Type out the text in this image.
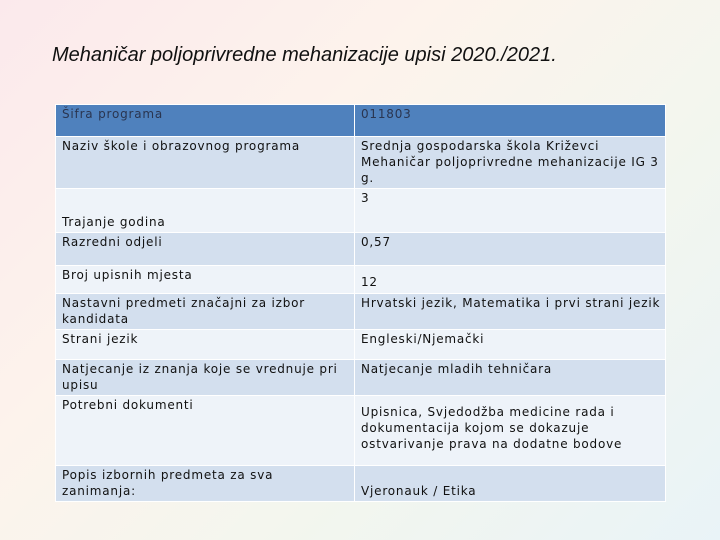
Mehaničar poljoprivredne mehanizacije upisi 2020./2021.
Šifra programa	011803

Naziv škole i obrazovnog programa	Srednja gospodarska škola Križevci
Mehaničar poljoprivredne mehanizacije IG 3 g.

Trajanje godina	3

Razredni odjeli	0,57

Broj upisnih mjesta	12

Nastavni predmeti značajni za izbor kandidata	Hrvatski jezik, Matematika i prvi strani jezik

Strani jezik	Engleski/Njemački

Natjecanje iz znanja koje se vrednuje pri upisu	Natjecanje mladih tehničara

Potrebni dokumenti	Upisnica, Svjedodžba medicine rada i dokumentacija kojom se dokazuje ostvarivanje prava na dodatne bodove

Popis izbornih predmeta za sva zanimanja:	Vjeronauk / Etika
